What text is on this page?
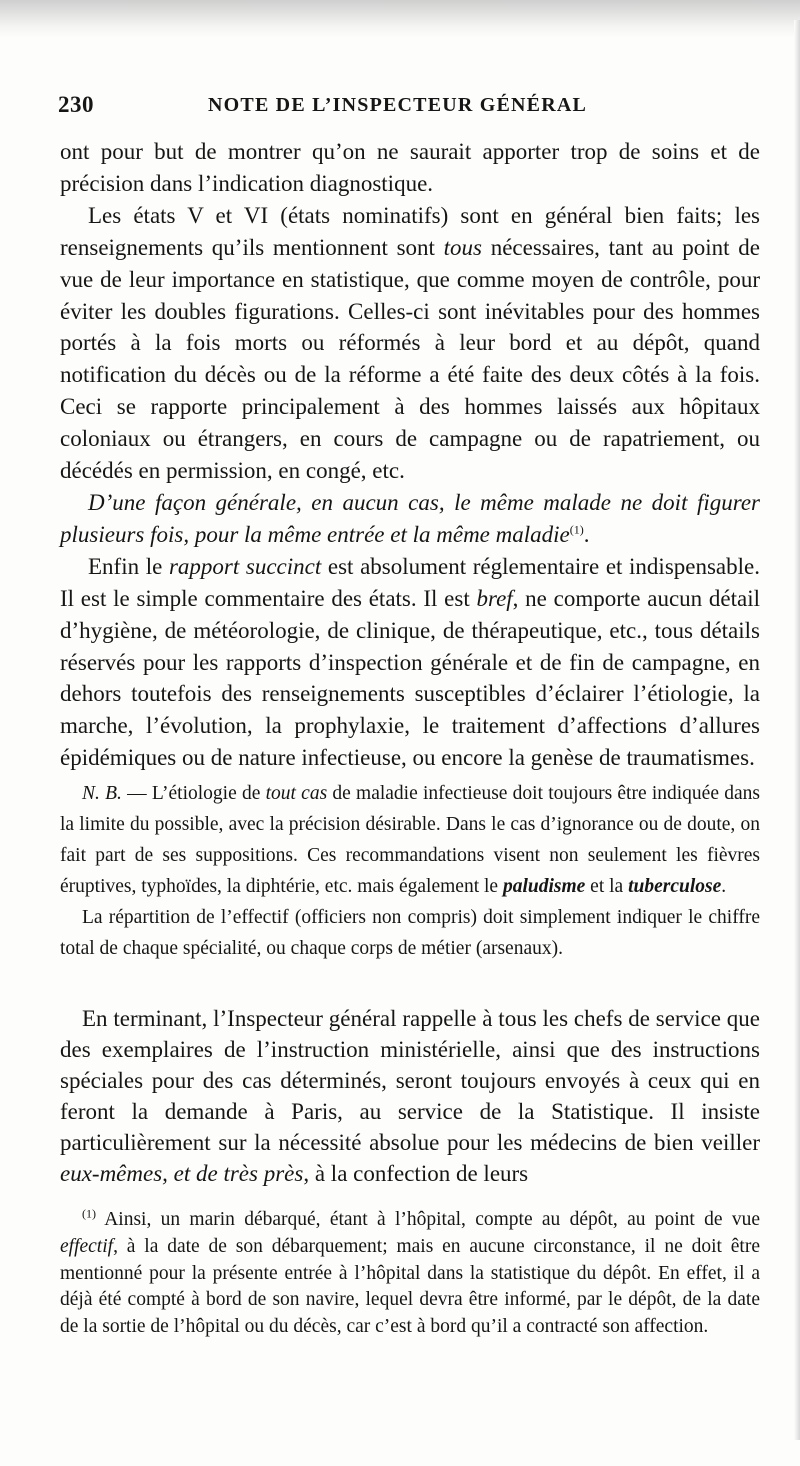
230	NOTE DE L’INSPECTEUR GÉNÉRAL

ont pour but de montrer qu’on ne saurait apporter trop de soins et de précision dans l’indication diagnostique.

Les états V et VI (états nominatifs) sont en général bien faits; les renseignements qu’ils mentionnent sont tous nécessaires, tant au point de vue de leur importance en statistique, que comme moyen de contrôle, pour éviter les doubles figurations. Celles-ci sont inévitables pour des hommes portés à la fois morts ou réformés à leur bord et au dépôt, quand notification du décès ou de la réforme a été faite des deux côtés à la fois. Ceci se rapporte principalement à des hommes laissés aux hôpitaux coloniaux ou étrangers, en cours de campagne ou de rapatriement, ou décédés en permission, en congé, etc.

D’une façon générale, en aucun cas, le même malade ne doit figurer plusieurs fois, pour la même entrée et la même maladie$^{(1)}$.

Enfin le rapport succinct est absolument réglementaire et indispensable. Il est le simple commentaire des états. Il est bref, ne comporte aucun détail d’hygiène, de météorologie, de clinique, de thérapeutique, etc., tous détails réservés pour les rapports d’inspection générale et de fin de campagne, en dehors toutefois des renseignements susceptibles d’éclairer l’étiologie, la marche, l’évolution, la prophylaxie, le traitement d’affections d’allures épidémiques ou de nature infectieuse, ou encore la genèse de traumatismes.

N. B. — L’étiologie de tout cas de maladie infectieuse doit toujours être indiquée dans la limite du possible, avec la précision désirable. Dans le cas d’ignorance ou de doute, on fait part de ses suppositions. Ces recommandations visent non seulement les fièvres éruptives, typhoïdes, la diphtérie, etc. mais également le paludisme et la tuberculose.

La répartition de l’effectif (officiers non compris) doit simplement indiquer le chiffre total de chaque spécialité, ou chaque corps de métier (arsenaux).

En terminant, l’Inspecteur général rappelle à tous les chefs de service que des exemplaires de l’instruction ministérielle, ainsi que des instructions spéciales pour des cas déterminés, seront toujours envoyés à ceux qui en feront la demande à Paris, au service de la Statistique. Il insiste particulièrement sur la nécessité absolue pour les médecins de bien veiller eux-mêmes, et de très près, à la confection de leurs

$^{(1)}$ Ainsi, un marin débarqué, étant à l’hôpital, compte au dépôt, au point de vue effectif, à la date de son débarquement; mais en aucune circonstance, il ne doit être mentionné pour la présente entrée à l’hôpital dans la statistique du dépôt. En effet, il a déjà été compté à bord de son navire, lequel devra être informé, par le dépôt, de la date de la sortie de l’hôpital ou du décès, car c’est à bord qu’il a contracté son affection.
